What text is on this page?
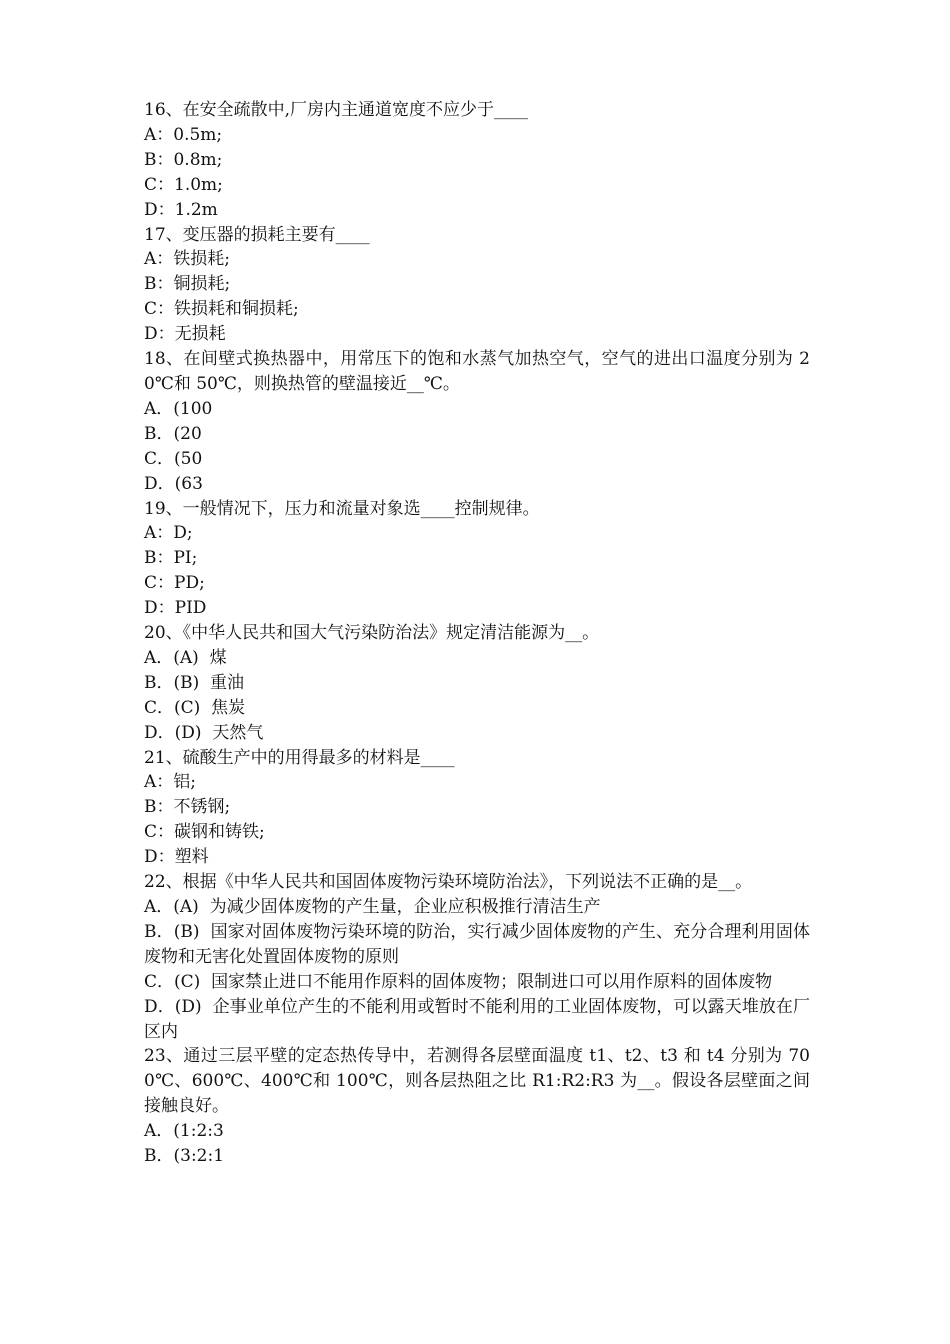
16、在安全疏散中,厂房内主通道宽度不应少于____
A：0.5m;
B：0.8m;
C：1.0m;
D：1.2m
17、变压器的损耗主要有____
A：铁损耗;
B：铜损耗;
C：铁损耗和铜损耗;
D：无损耗
18、在间壁式换热器中，用常压下的饱和水蒸气加热空气，空气的进出口温度分别为 20℃和 50℃，则换热管的壁温接近__℃。
A．(100
B．(20
C．(50
D．(63
19、一般情况下，压力和流量对象选____控制规律。
A：D;
B：PI;
C：PD;
D：PID
20、《中华人民共和国大气污染防治法》规定清洁能源为__。
A．(A)  煤
B．(B)  重油
C．(C)  焦炭
D．(D)  天然气
21、硫酸生产中的用得最多的材料是____
A：铝;
B：不锈钢;
C：碳钢和铸铁;
D：塑料
22、根据《中华人民共和国固体废物污染环境防治法》，下列说法不正确的是__。
A．(A)  为减少固体废物的产生量，企业应积极推行清洁生产
B．(B)  国家对固体废物污染环境的防治，实行减少固体废物的产生、充分合理利用固体废物和无害化处置固体废物的原则
C．(C)  国家禁止进口不能用作原料的固体废物；限制进口可以用作原料的固体废物
D．(D)  企事业单位产生的不能利用或暂时不能利用的工业固体废物，可以露天堆放在厂区内
23、通过三层平壁的定态热传导中，若测得各层壁面温度 t1、t2、t3 和 t4 分别为 700℃、600℃、400℃和 100℃，则各层热阻之比 R1:R2:R3 为__。假设各层壁面之间接触良好。
A．(1:2:3
B．(3:2:1
